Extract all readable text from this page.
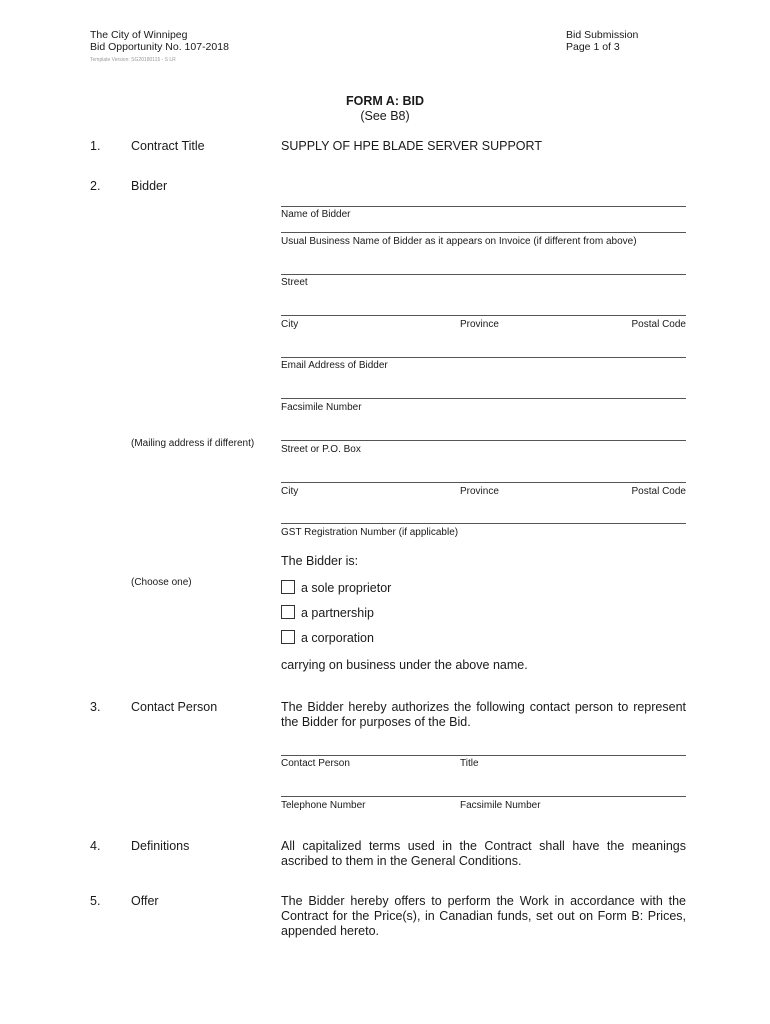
The City of Winnipeg
Bid Opportunity No. 107-2018
Template Version: SG20180115 - S LR
Bid Submission
Page 1 of 3
FORM A: BID
(See B8)
1. Contract Title	SUPPLY OF HPE BLADE SERVER SUPPORT
2. Bidder
Name of Bidder
Usual Business Name of Bidder as it appears on Invoice (if different from above)
Street
City	Province	Postal Code
Email Address of Bidder
Facsimile Number
(Mailing address if different)
Street or P.O. Box
City	Province	Postal Code
GST Registration Number (if applicable)
The Bidder is:
(Choose one)	a sole proprietor
a partnership
a corporation
carrying on business under the above name.
3. Contact Person	The Bidder hereby authorizes the following contact person to represent the Bidder for purposes of the Bid.
Contact Person	Title
Telephone Number	Facsimile Number
4. Definitions	All capitalized terms used in the Contract shall have the meanings ascribed to them in the General Conditions.
5. Offer	The Bidder hereby offers to perform the Work in accordance with the Contract for the Price(s), in Canadian funds, set out on Form B: Prices, appended hereto.
